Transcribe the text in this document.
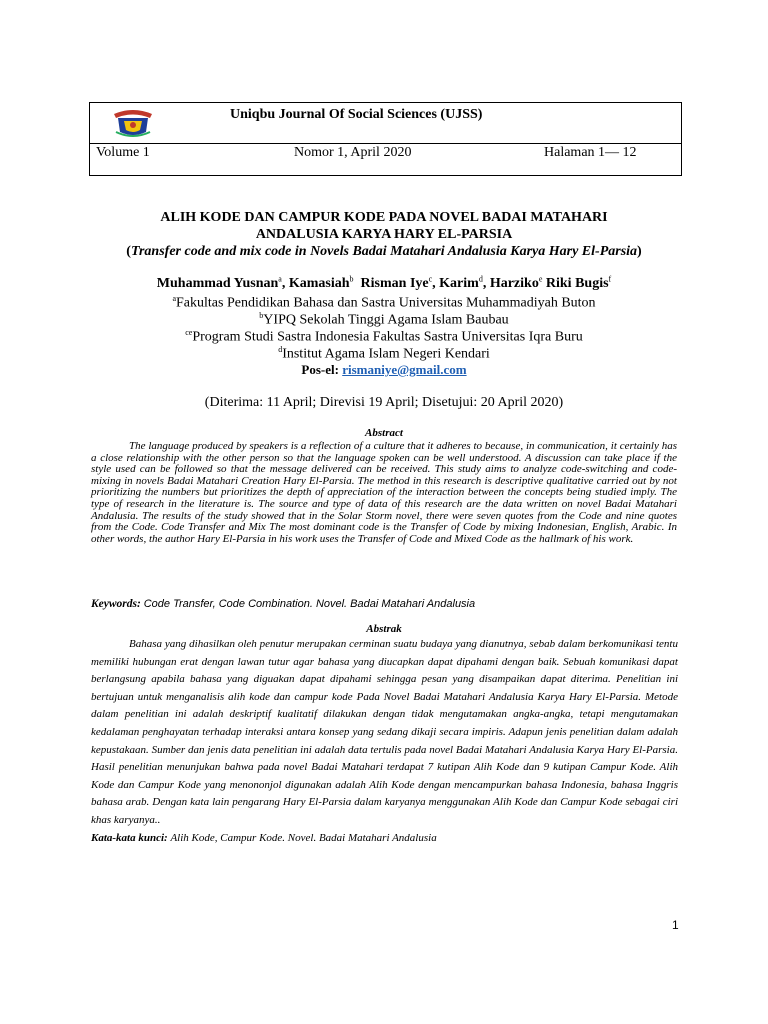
Uniqbu Journal Of Social Sciences (UJSS)
Volume 1	Nomor 1, April 2020	Halaman 1— 12
ALIH KODE DAN CAMPUR KODE PADA NOVEL BADAI MATAHARI
ANDALUSIA KARYA HARY EL-PARSIA
(Transfer code and mix code in Novels Badai Matahari Andalusia Karya Hary El-Parsia)
Muhammad Yusnan$^a$, Kamasiah$^b$ Risman Iye$^c$, Karim$^d$, Harziko$^e$ Riki Bugis$^f$
$^a$Fakultas Pendidikan Bahasa dan Sastra Universitas Muhammadiyah Buton
$^b$YIPQ Sekolah Tinggi Agama Islam Baubau
$^{ce}$Program Studi Sastra Indonesia Fakultas Sastra Universitas Iqra Buru
$^d$Institut Agama Islam Negeri Kendari
Pos-el: rismaniye@gmail.com
(Diterima: 11 April; Direvisi 19 April; Disetujui: 20 April 2020)
Abstract

The language produced by speakers is a reflection of a culture that it adheres to because, in communication, it certainly has a close relationship with the other person so that the language spoken can be well understood. A discussion can take place if the style used can be followed so that the message delivered can be received. This study aims to analyze code-switching and code-mixing in novels Badai Matahari Creation Hary El-Parsia. The method in this research is descriptive qualitative carried out by not prioritizing the numbers but prioritizes the depth of appreciation of the interaction between the concepts being studied imply. The type of research in the literature is. The source and type of data of this research are the data written on novel Badai Matahari Andalusia. The results of the study showed that in the Solar Storm novel, there were seven quotes from the Code and nine quotes from the Code. Code Transfer and Mix The most dominant code is the Transfer of Code by mixing Indonesian, English, Arabic. In other words, the author Hary El-Parsia in his work uses the Transfer of Code and Mixed Code as the hallmark of his work.

Keywords: Code Transfer, Code Combination. Novel. Badai Matahari Andalusia
Abstrak

Bahasa yang dihasilkan oleh penutur merupakan cerminan suatu budaya yang dianutnya, sebab dalam berkomunikasi tentu memiliki hubungan erat dengan lawan tutur agar bahasa yang diucapkan dapat dipahami dengan baik. Sebuah komunikasi dapat berlangsung apabila bahasa yang diguakan dapat dipahami sehingga pesan yang disampaikan dapat diterima. Penelitian ini bertujuan untuk menganalisis alih kode dan campur kode Pada Novel Badai Matahari Andalusia Karya Hary El-Parsia. Metode dalam penelitian ini adalah deskriptif kualitatif dilakukan dengan tidak mengutamakan angka-angka, tetapi mengutamakan kedalaman penghayatan terhadap interaksi antara konsep yang sedang dikaji secara impiris. Adapun jenis penelitian dalam adalah kepustakaan. Sumber dan jenis data penelitian ini adalah data tertulis pada novel Badai Matahari Andalusia Karya Hary El-Parsia. Hasil penelitian menunjukan bahwa pada novel Badai Matahari terdapat 7 kutipan Alih Kode dan 9 kutipan Campur Kode. Alih Kode dan Campur Kode yang menononjol digunakan adalah Alih Kode dengan mencampurkan bahasa Indonesia, bahasa Inggris bahasa arab. Dengan kata lain pengarang Hary El-Parsia dalam karyanya menggunakan Alih Kode dan Campur Kode sebagai ciri khas karyanya..

Kata-kata kunci: Alih Kode, Campur Kode. Novel. Badai Matahari Andalusia
1
